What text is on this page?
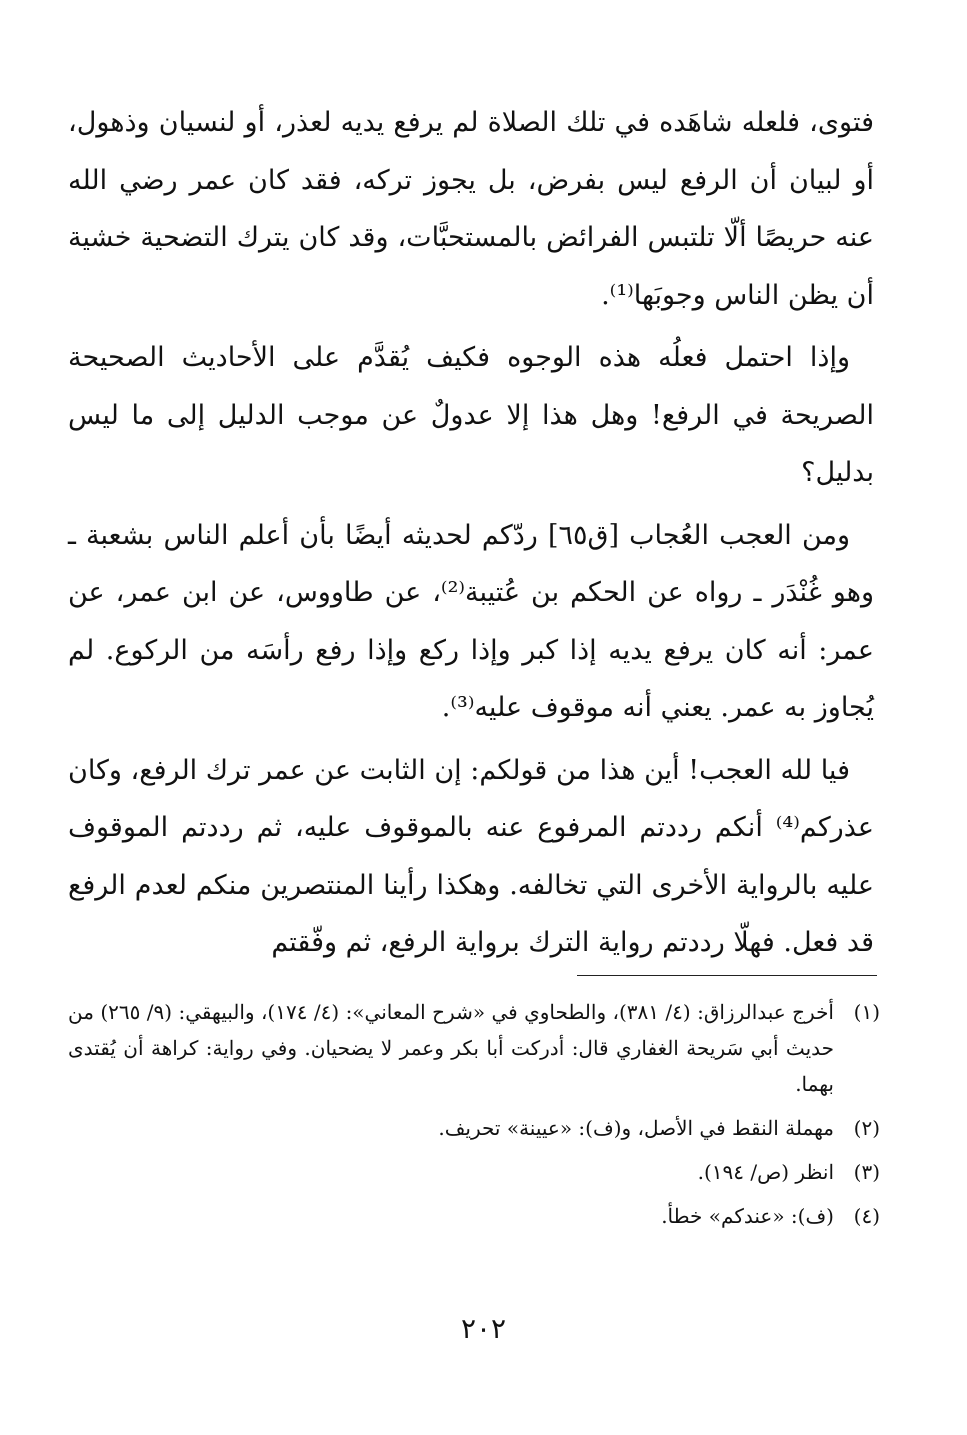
فتوى، فلعله شاهَده في تلك الصلاة لم يرفع يديه لعذر، أو لنسيان وذهول، أو لبيان أن الرفع ليس بفرض، بل يجوز تركه، فقد كان عمر رضي الله عنه حريصًا ألّا تلتبس الفرائض بالمستحبَّات، وقد كان يترك التضحية خشية أن يظن الناس وجوبَها⁽¹⁾.

وإذا احتمل فعلُه هذه الوجوه فكيف يُقدَّم على الأحاديث الصحيحة الصريحة في الرفع! وهل هذا إلا عدولٌ عن موجب الدليل إلى ما ليس بدليل؟

ومن العجب العُجاب [ق٦٥] ردّكم لحديثه أيضًا بأن أعلم الناس بشعبة ـ وهو غُنْدَر ـ رواه عن الحكم بن عُتيبة⁽²⁾، عن طاووس، عن ابن عمر، عن عمر: أنه كان يرفع يديه إذا كبر وإذا ركع وإذا رفع رأسَه من الركوع. لم يُجاوز به عمر. يعني أنه موقوف عليه⁽³⁾.

فيا لله العجب! أين هذا من قولكم: إن الثابت عن عمر ترك الرفع، وكان عذركم⁽⁴⁾ أنكم رددتم المرفوع عنه بالموقوف عليه، ثم رددتم الموقوف عليه بالرواية الأخرى التي تخالفه. وهكذا رأينا المنتصرين منكم لعدم الرفع قد فعل. فهلّا رددتم رواية الترك برواية الرفع، ثم وفّقتم

(١)
أخرج عبدالرزاق: (٤/ ٣٨١)، والطحاوي في «شرح المعاني»: (٤/ ١٧٤)، والبيهقي: (٩/ ٢٦٥) من حديث أبي سَريحة الغفاري قال: أدركت أبا بكر وعمر لا يضحيان. وفي رواية: كراهة أن يُقتدى بهما.
(٢)
مهملة النقط في الأصل، و(ف): «عيينة» تحريف.
(٣)
انظر (ص/ ١٩٤).
(٤)
(ف): «عندكم» خطأ.
٢٠٢
